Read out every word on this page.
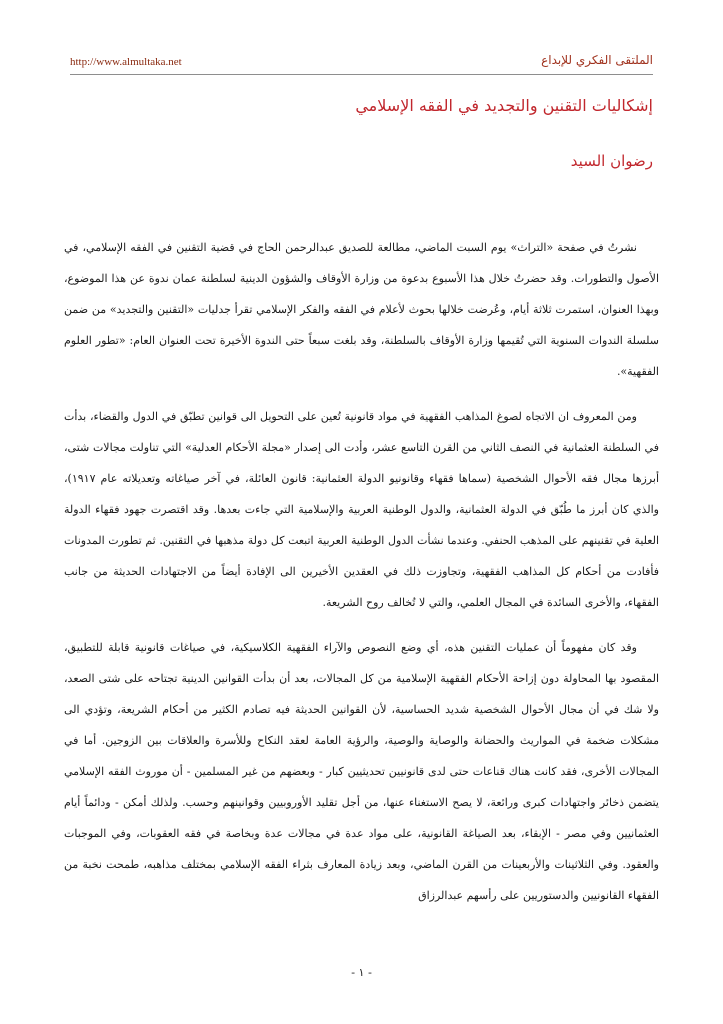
http://www.almultaka.net	الملتقى الفكري للإبداع
إشكاليات التقنين والتجديد في الفقه الإسلامي
رضوان السيد

نشرتُ في صفحة «التراث» يوم السبت الماضي، مطالعة للصديق عبدالرحمن الحاج في قضية التقنين في الفقه الإسلامي، في الأصول والتطورات. وقد حضرتُ خلال هذا الأسبوع بدعوة من وزارة الأوقاف والشؤون الدينية لسلطنة عمان ندوة عن هذا الموضوع، وبهذا العنوان، استمرت ثلاثة أيام، وعُرضت خلالها بحوث لأعلام في الفقه والفكر الإسلامي تقرأ جدليات «التقنين والتجديد» من ضمن سلسلة الندوات السنوية التي تُقيمها وزارة الأوقاف بالسلطنة، وقد بلغت سبعاً حتى الندوة الأخيرة تحت العنوان العام: «تطور العلوم الفقهية».

ومن المعروف ان الاتجاه لصوغ المذاهب الفقهية في مواد قانونية تُعين على التحويل الى قوانين تطبّق في الدول والقضاء، بدأت في السلطنة العثمانية في النصف الثاني من القرن التاسع عشر، وأدت الى إصدار «مجلة الأحكام العدلية» التي تناولت مجالات شتى، أبرزها مجال فقه الأحوال الشخصية (سماها فقهاء وقانونيو الدولة العثمانية: قانون العائلة، في آخر صياغاته وتعديلاته عام ١٩١٧)، والذي كان أبرز ما طُبّق في الدولة العثمانية، والدول الوطنية العربية والإسلامية التي جاءت بعدها. وقد اقتصرت جهود فقهاء الدولة العلية في تقنينهم على المذهب الحنفي. وعندما نشأت الدول الوطنية العربية اتبعت كل دولة مذهبها في التقنين. ثم تطورت المدونات فأفادت من أحكام كل المذاهب الفقهية، وتجاوزت ذلك في العقدين الأخيرين الى الإفادة أيضاً من الاجتهادات الحديثة من جانب الفقهاء، والأخرى السائدة في المجال العلمي، والتي لا تُخالف روح الشريعة.

وقد كان مفهوماً أن عمليات التقنين هذه، أي وضع النصوص والآراء الفقهية الكلاسيكية، في صياغات قانونية قابلة للتطبيق، المقصود بها المحاولة دون إزاحة الأحكام الفقهية الإسلامية من كل المجالات، بعد أن بدأت القوانين الدينية تجتاحه على شتى الصعد، ولا شك في أن مجال الأحوال الشخصية شديد الحساسية، لأن القوانين الحديثة فيه تصادم الكثير من أحكام الشريعة، وتؤدي الى مشكلات ضخمة في المواريث والحضانة والوصاية والوصية، والرؤية العامة لعقد النكاح وللأسرة والعلاقات بين الزوجين. أما في المجالات الأخرى، فقد كانت هناك قناعات حتى لدى قانونيين تحديثيين كبار - وبعضهم من غير المسلمين - أن موروث الفقه الإسلامي يتضمن ذخائر واجتهادات كبرى ورائعة، لا يصح الاستغناء عنها، من أجل تقليد الأوروبيين وقوانينهم وحسب. ولذلك أمكن - ودائماً أيام العثمانيين وفي مصر - الإبقاء، بعد الصياغة القانونية، على مواد عدة في مجالات عدة وبخاصة في فقه العقوبات، وفي الموجبات والعقود. وفي الثلاثينات والأربعينات من القرن الماضي، وبعد زيادة المعارف بثراء الفقه الإسلامي بمختلف مذاهبه، طمحت نخبة من الفقهاء القانونيين والدستوريين على رأسهم عبدالرزاق

- ١ -
